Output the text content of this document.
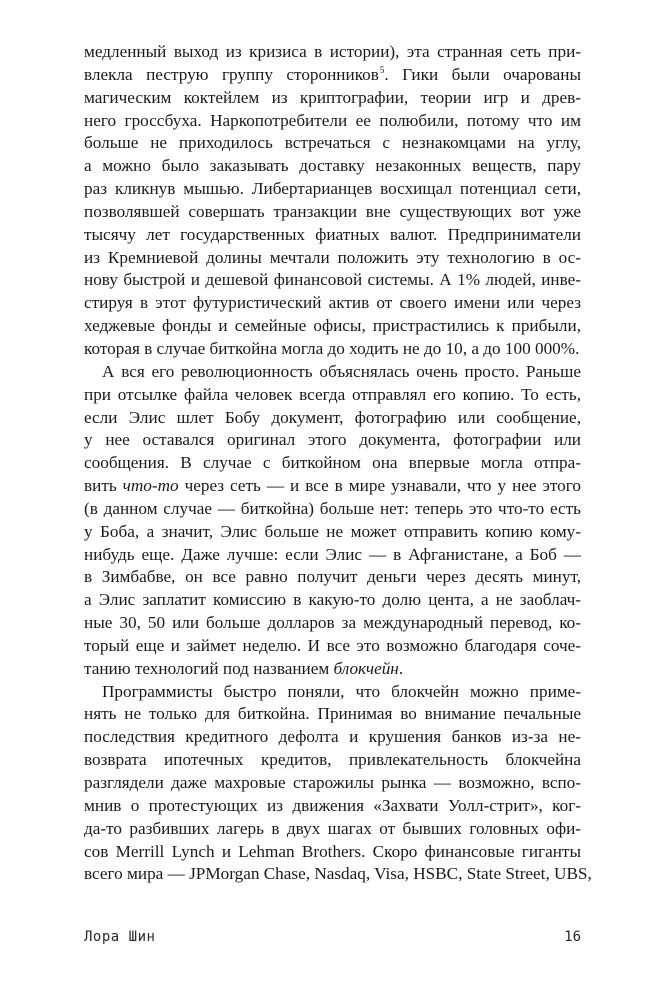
медленный выход из кризиса в истории), эта странная сеть при-
влекла пеструю группу сторонников$^5$. Гики были очарованы
магическим коктейлем из криптографии, теории игр и древ-
него гроссбуха. Наркопотребители ее полюбили, потому что им
больше не приходилось встречаться с незнакомцами на углу,
а можно было заказывать доставку незаконных веществ, пару
раз кликнув мышью. Либертарианцев восхищал потенциал сети,
позволявшей совершать транзакции вне существующих вот уже
тысячу лет государственных фиатных валют. Предприниматели
из Кремниевой долины мечтали положить эту технологию в ос-
нову быстрой и дешевой финансовой системы. А 1% людей, инве-
стируя в этот футуристический актив от своего имени или через
хеджевые фонды и семейные офисы, пристрастились к прибыли,
которая в случае биткойна могла до ходить не до 10, а до 100 000%.
А вся его революционность объяснялась очень просто. Раньше
при отсылке файла человек всегда отправлял его копию. То есть,
если Элис шлет Бобу документ, фотографию или сообщение,
у нее оставался оригинал этого документа, фотографии или
сообщения. В случае с биткойном она впервые могла отпра-
вить что-то через сеть — и все в мире узнавали, что у нее этого
(в данном случае — биткойна) больше нет: теперь это что-то есть
у Боба, а значит, Элис больше не может отправить копию кому-
нибудь еще. Даже лучше: если Элис — в Афганистане, а Боб —
в Зимбабве, он все равно получит деньги через десять минут,
а Элис заплатит комиссию в какую-то долю цента, а не заоблач-
ные 30, 50 или больше долларов за международный перевод, ко-
торый еще и займет неделю. И все это возможно благодаря соче-
танию технологий под названием блокчейн.
Программисты быстро поняли, что блокчейн можно приме-
нять не только для биткойна. Принимая во внимание печальные
последствия кредитного дефолта и крушения банков из-за не-
возврата ипотечных кредитов, привлекательность блокчейна
разглядели даже махровые старожилы рынка — возможно, вспо-
мнив о протестующих из движения «Захвати Уолл-стрит», ког-
да-то разбивших лагерь в двух шагах от бывших головных офи-
сов Merrill Lynch и Lehman Brothers. Скоро финансовые гиганты
всего мира — JPMorgan Chase, Nasdaq, Visa, HSBC, State Street, UBS,
Лора Шин	16
